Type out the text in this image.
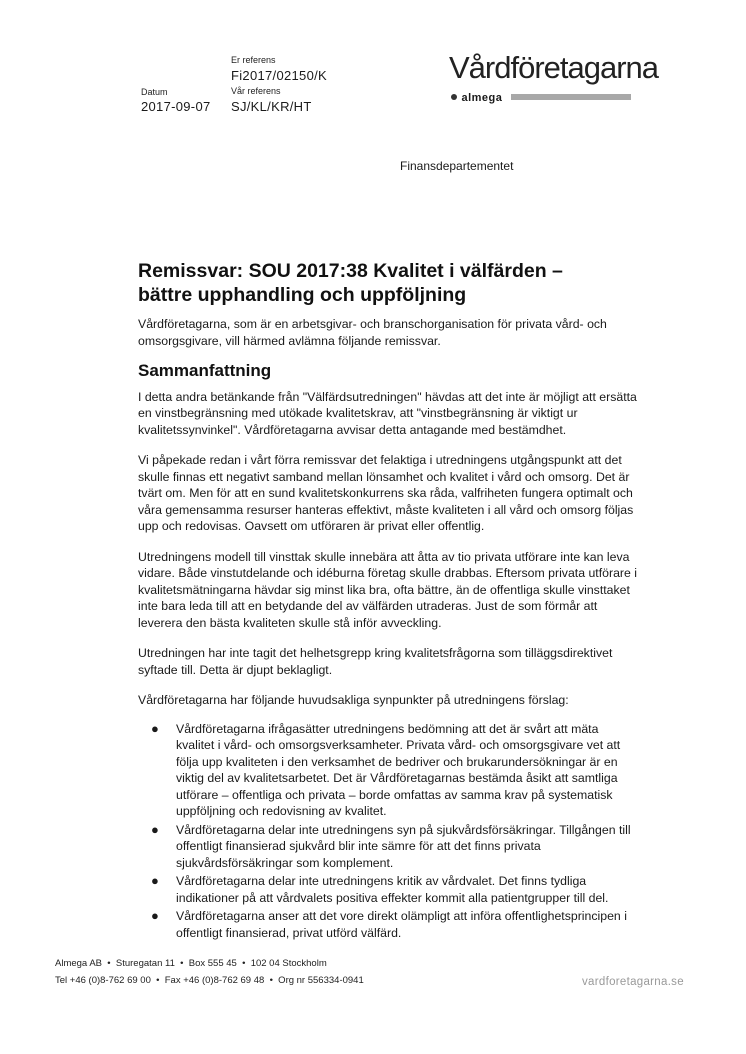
Er referens
Fi2017/02150/K
Datum	Vår referens
2017-09-07 SJ/KL/KR/HT
Vårdföretagarna
almega
Finansdepartementet
Remissvar: SOU 2017:38 Kvalitet i välfärden – bättre upphandling och uppföljning

Vårdföretagarna, som är en arbetsgivar- och branschorganisation för privata vård- och omsorgsgivare, vill härmed avlämna följande remissvar.

Sammanfattning

I detta andra betänkande från "Välfärdsutredningen" hävdas att det inte är möjligt att ersätta en vinstbegränsning med utökade kvalitetskrav, att "vinstbegränsning är viktigt ur kvalitetssynvinkel". Vårdföretagarna avvisar detta antagande med bestämdhet.

Vi påpekade redan i vårt förra remissvar det felaktiga i utredningens utgångspunkt att det skulle finnas ett negativt samband mellan lönsamhet och kvalitet i vård och omsorg. Det är tvärt om. Men för att en sund kvalitetskonkurrens ska råda, valfriheten fungera optimalt och våra gemensamma resurser hanteras effektivt, måste kvaliteten i all vård och omsorg följas upp och redovisas. Oavsett om utföraren är privat eller offentlig.

Utredningens modell till vinsttak skulle innebära att åtta av tio privata utförare inte kan leva vidare. Både vinstutdelande och idéburna företag skulle drabbas. Eftersom privata utförare i kvalitetsmätningarna hävdar sig minst lika bra, ofta bättre, än de offentliga skulle vinsttaket inte bara leda till att en betydande del av välfärden utraderas. Just de som förmår att leverera den bästa kvaliteten skulle stå inför avveckling.

Utredningen har inte tagit det helhetsgrepp kring kvalitetsfrågorna som tilläggsdirektivet syftade till. Detta är djupt beklagligt.

Vårdföretagarna har följande huvudsakliga synpunkter på utredningens förslag:

● Vårdföretagarna ifrågasätter utredningens bedömning att det är svårt att mäta kvalitet i vård- och omsorgsverksamheter. Privata vård- och omsorgsgivare vet att följa upp kvaliteten i den verksamhet de bedriver och brukarundersökningar är en viktig del av kvalitetsarbetet. Det är Vårdföretagarnas bestämda åsikt att samtliga utförare – offentliga och privata – borde omfattas av samma krav på systematisk uppföljning och redovisning av kvalitet.
● Vårdföretagarna delar inte utredningens syn på sjukvårdsförsäkringar. Tillgången till offentligt finansierad sjukvård blir inte sämre för att det finns privata sjukvårdsförsäkringar som komplement.
● Vårdföretagarna delar inte utredningens kritik av vårdvalet. Det finns tydliga indikationer på att vårdvalets positiva effekter kommit alla patientgrupper till del.
● Vårdföretagarna anser att det vore direkt olämpligt att införa offentlighetsprincipen i offentligt finansierad, privat utförd välfärd.
Almega AB  •  Sturegatan 11  •  Box 555 45  •  102 04 Stockholm
Tel +46 (0)8-762 69 00  •  Fax +46 (0)8-762 69 48  •  Org nr 556334-0941	vardforetagarna.se
